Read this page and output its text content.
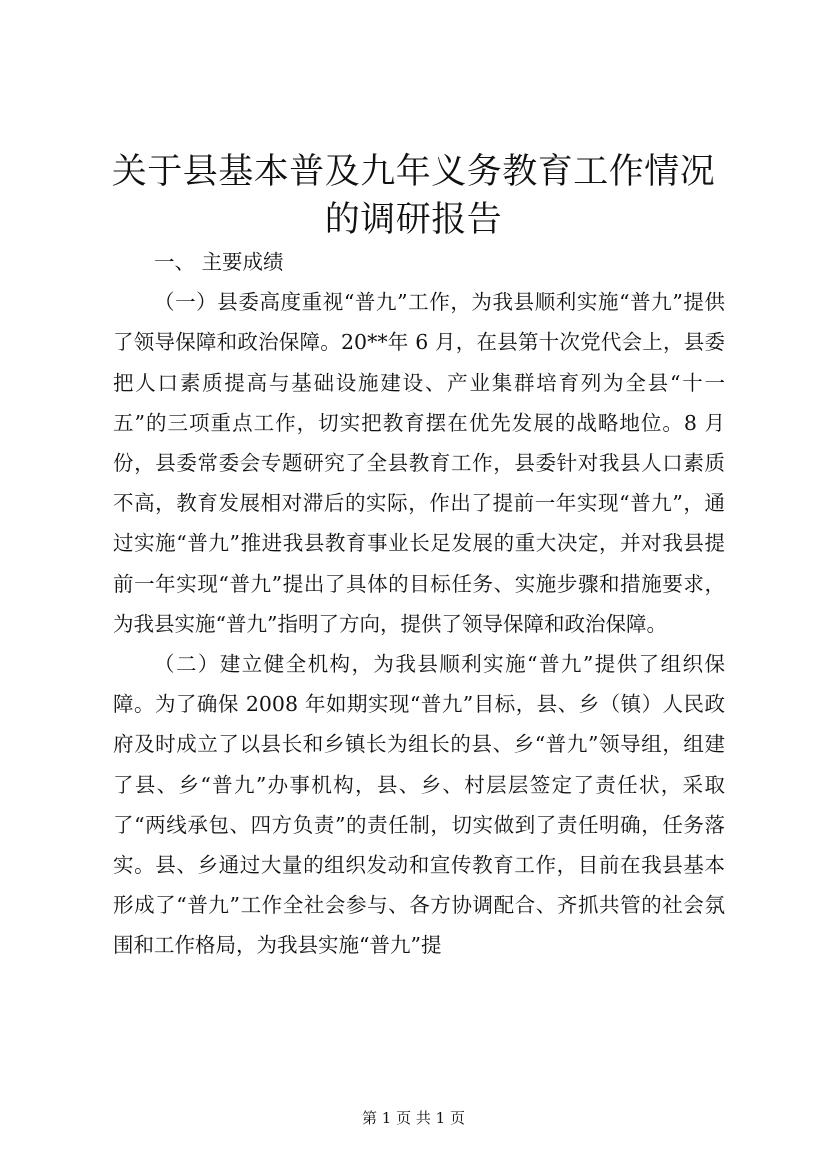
关于县基本普及九年义务教育工作情况的调研报告

一、 主要成绩

（一）县委高度重视“普九”工作，为我县顺利实施“普九”提供了领导保障和政治保障。20**年 6 月，在县第十次党代会上，县委把人口素质提高与基础设施建设、产业集群培育列为全县“十一五”的三项重点工作，切实把教育摆在优先发展的战略地位。8 月份，县委常委会专题研究了全县教育工作，县委针对我县人口素质不高，教育发展相对滞后的实际，作出了提前一年实现“普九”，通过实施“普九”推进我县教育事业长足发展的重大决定，并对我县提前一年实现“普九”提出了具体的目标任务、实施步骤和措施要求，为我县实施“普九”指明了方向，提供了领导保障和政治保障。

（二）建立健全机构，为我县顺利实施“普九”提供了组织保障。为了确保 2008 年如期实现“普九”目标，县、乡（镇）人民政府及时成立了以县长和乡镇长为组长的县、乡“普九”领导组，组建了县、乡“普九”办事机构，县、乡、村层层签定了责任状，采取了“两线承包、四方负责”的责任制，切实做到了责任明确，任务落实。县、乡通过大量的组织发动和宣传教育工作，目前在我县基本形成了“普九”工作全社会参与、各方协调配合、齐抓共管的社会氛围和工作格局，为我县实施“普九”提

第 1 页 共 1 页
